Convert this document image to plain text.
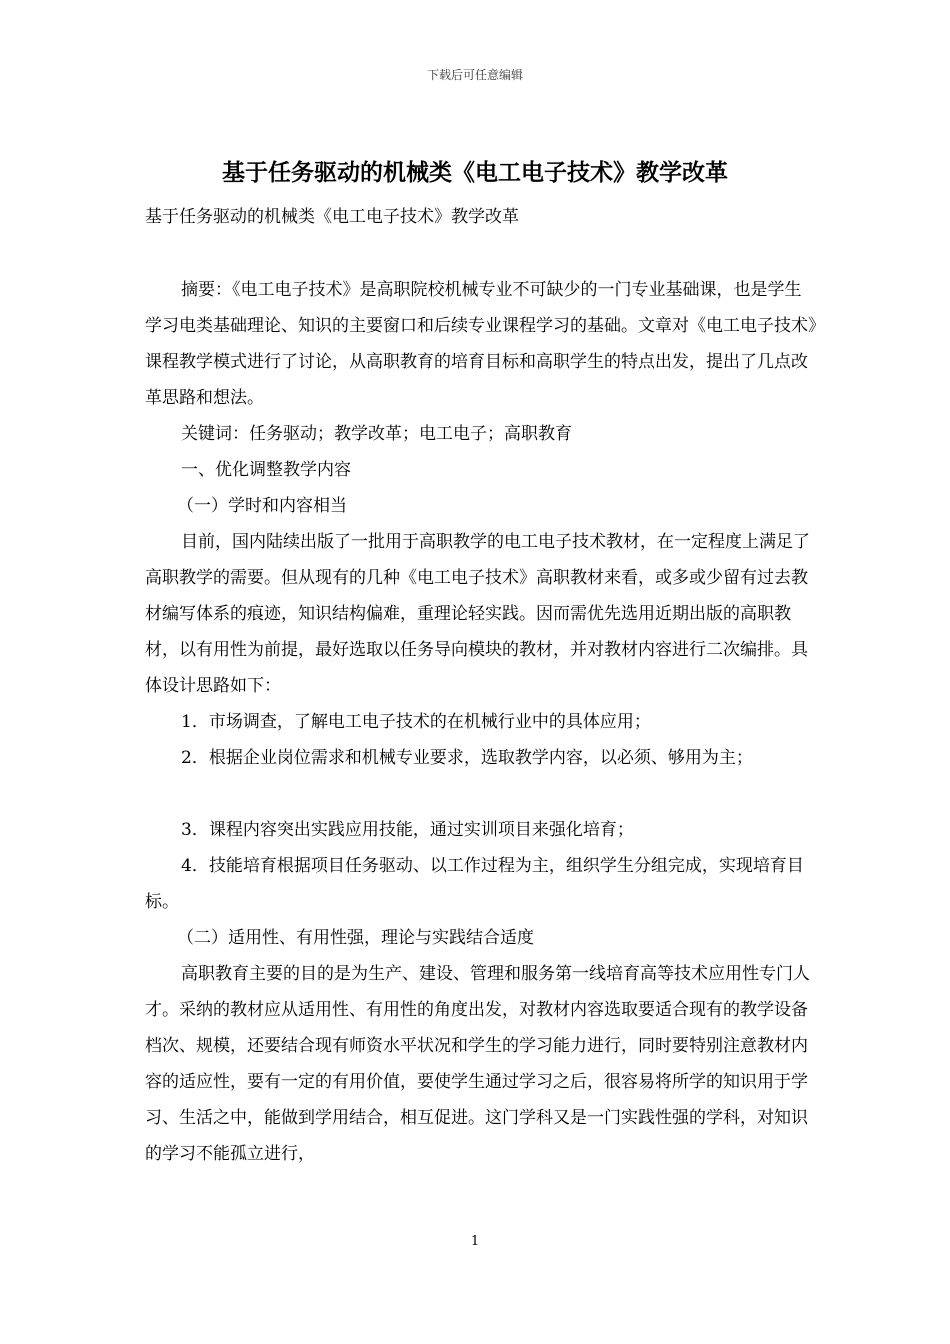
下载后可任意编辑
基于任务驱动的机械类《电工电子技术》教学改革
基于任务驱动的机械类《电工电子技术》教学改革

摘要：《电工电子技术》是高职院校机械专业不可缺少的一门专业基础课，也是学生学习电类基础理论、知识的主要窗口和后续专业课程学习的基础。文章对《电工电子技术》课程教学模式进行了讨论，从高职教育的培育目标和高职学生的特点出发，提出了几点改革思路和想法。

关键词：任务驱动；教学改革；电工电子；高职教育

一、优化调整教学内容

（一）学时和内容相当

目前，国内陆续出版了一批用于高职教学的电工电子技术教材，在一定程度上满足了高职教学的需要。但从现有的几种《电工电子技术》高职教材来看，或多或少留有过去教材编写体系的痕迹，知识结构偏难，重理论轻实践。因而需优先选用近期出版的高职教材，以有用性为前提，最好选取以任务导向模块的教材，并对教材内容进行二次编排。具体设计思路如下：

1．市场调查，了解电工电子技术的在机械行业中的具体应用；

2．根据企业岗位需求和机械专业要求，选取教学内容，以必须、够用为主；

3．课程内容突出实践应用技能，通过实训项目来强化培育；

4．技能培育根据项目任务驱动、以工作过程为主，组织学生分组完成，实现培育目标。

（二）适用性、有用性强，理论与实践结合适度

高职教育主要的目的是为生产、建设、管理和服务第一线培育高等技术应用性专门人才。采纳的教材应从适用性、有用性的角度出发，对教材内容选取要适合现有的教学设备档次、规模，还要结合现有师资水平状况和学生的学习能力进行，同时要特别注意教材内容的适应性，要有一定的有用价值，要使学生通过学习之后，很容易将所学的知识用于学习、生活之中，能做到学用结合，相互促进。这门学科又是一门实践性强的学科，对知识的学习不能孤立进行，

1
